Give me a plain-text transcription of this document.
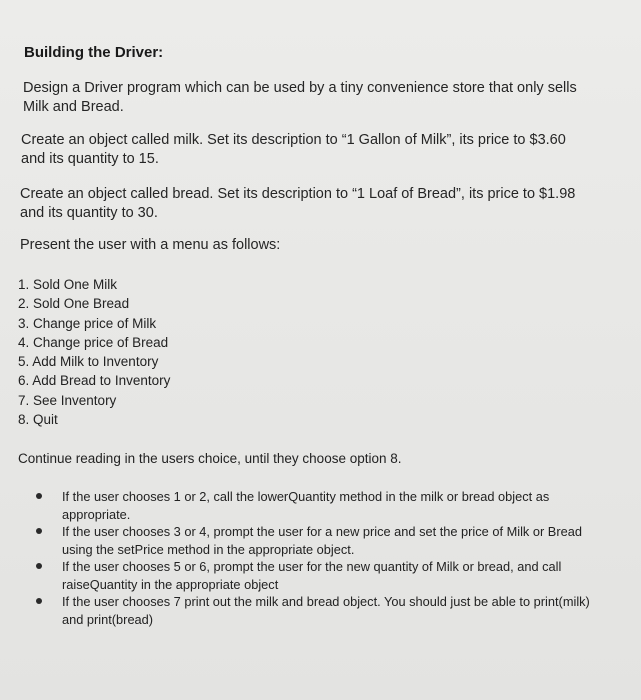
Building the Driver:

Design a Driver program which can be used by a tiny convenience store that only sells Milk and Bread.

Create an object called milk. Set its description to “1 Gallon of Milk”, its price to $3.60 and its quantity to 15.

Create an object called bread. Set its description to “1 Loaf of Bread”, its price to $1.98 and its quantity to 30.

Present the user with a menu as follows:

1. Sold One Milk
2. Sold One Bread
3. Change price of Milk
4. Change price of Bread
5. Add Milk to Inventory
6. Add Bread to Inventory
7. See Inventory
8. Quit

Continue reading in the users choice, until they choose option 8.

If the user chooses 1 or 2, call the lowerQuantity method in the milk or bread object as appropriate.
If the user chooses 3 or 4, prompt the user for a new price and set the price of Milk or Bread using the setPrice method in the appropriate object.
If the user chooses 5 or 6, prompt the user for the new quantity of Milk or bread, and call raiseQuantity in the appropriate object
If the user chooses 7 print out the milk and bread object. You should just be able to print(milk) and print(bread)
